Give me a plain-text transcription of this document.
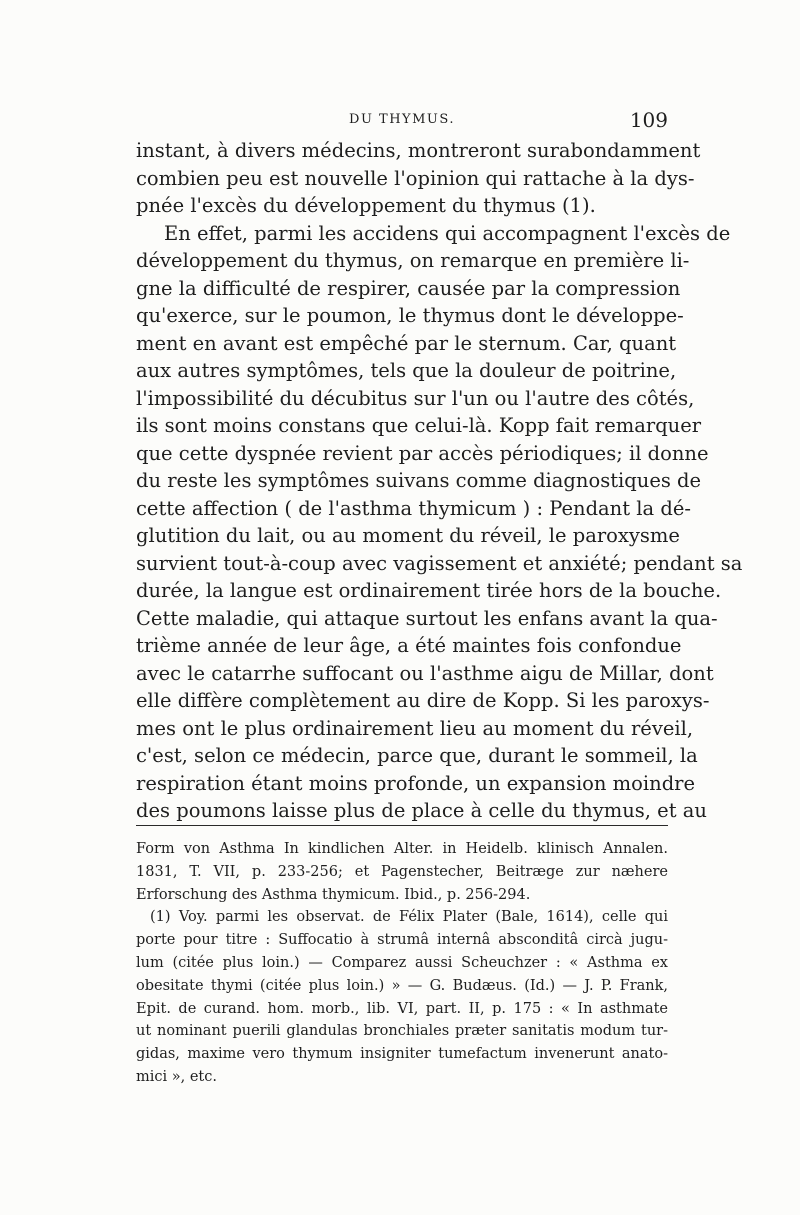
DU THYMUS.	109
instant, à divers médecins, montreront surabondamment
combien peu est nouvelle l'opinion qui rattache à la dys-
pnée l'excès du développement du thymus (1).
En effet, parmi les accidens qui accompagnent l'excès de
développement du thymus, on remarque en première li-
gne la difficulté de respirer, causée par la compression
qu'exerce, sur le poumon, le thymus dont le développe-
ment en avant est empêché par le sternum. Car, quant
aux autres symptômes, tels que la douleur de poitrine,
l'impossibilité du décubitus sur l'un ou l'autre des côtés,
ils sont moins constans que celui-là. Kopp fait remarquer
que cette dyspnée revient par accès périodiques; il donne
du reste les symptômes suivans comme diagnostiques de
cette affection ( de l'asthma thymicum ) : Pendant la dé-
glutition du lait, ou au moment du réveil, le paroxysme
survient tout-à-coup avec vagissement et anxiété; pendant sa
durée, la langue est ordinairement tirée hors de la bouche.
Cette maladie, qui attaque surtout les enfans avant la qua-
trième année de leur âge, a été maintes fois confondue
avec le catarrhe suffocant ou l'asthme aigu de Millar, dont
elle diffère complètement au dire de Kopp. Si les paroxys-
mes ont le plus ordinairement lieu au moment du réveil,
c'est, selon ce médecin, parce que, durant le sommeil, la
respiration étant moins profonde, un expansion moindre
des poumons laisse plus de place à celle du thymus, et au
Form von Asthma In kindlichen Alter. in Heidelb. klinisch Annalen.
1831, T. VII, p. 233-256; et Pagenstecher, Beitræge zur næhere
Erforschung des Asthma thymicum. Ibid., p. 256-294.
(1) Voy. parmi les observat. de Félix Plater (Bale, 1614), celle qui
porte pour titre : Suffocatio à strumâ internâ absconditâ circà jugu-
lum (citée plus loin.) — Comparez aussi Scheuchzer : « Asthma ex
obesitate thymi (citée plus loin.) » — G. Budæus. (Id.) — J. P. Frank,
Epit. de curand. hom. morb., lib. VI, part. II, p. 175 : « In asthmate
ut nominant puerili glandulas bronchiales præter sanitatis modum tur-
gidas, maxime vero thymum insigniter tumefactum invenerunt anato-
mici », etc.
